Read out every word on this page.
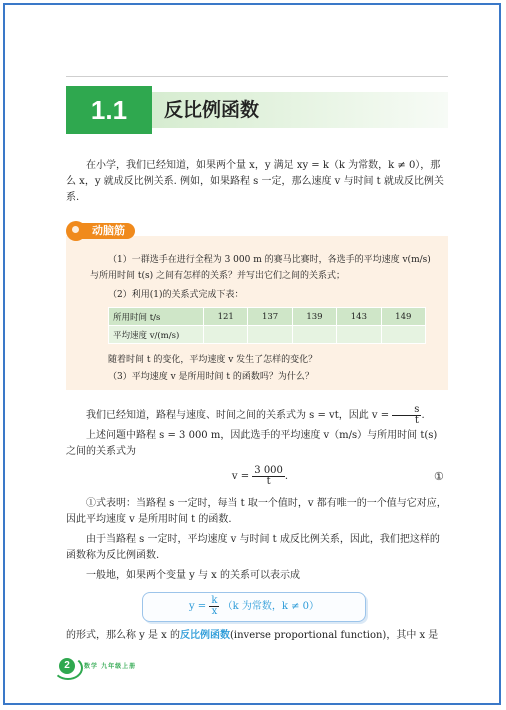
1.1	反比例函数

在小学，我们已经知道，如果两个量 x，y 满足 xy = k（k 为常数，k ≠ 0），那么 x，y 就成反比例关系. 例如，如果路程 s 一定，那么速度 v 与时间 t 就成反比例关系.

动脑筋

（1）一群选手在进行全程为 3 000 m 的赛马比赛时，各选手的平均速度 v(m/s) 与所用时间 t(s) 之间有怎样的关系？并写出它们之间的关系式；

（2）利用(1)的关系式完成下表：

所用时间 t/s	121	137	139	143	149
平均速度 v/(m/s)					

随着时间 t 的变化，平均速度 v 发生了怎样的变化？

（3）平均速度 v 是所用时间 t 的函数吗？为什么？

我们已经知道，路程与速度、时间之间的关系式为 s = vt，因此 $v = \frac{s}{t}$ .

上述问题中路程 s = 3 000 m，因此选手的平均速度 v（m/s）与所用时间 t(s) 之间的关系式为

$v = \frac{3 000}{t}$ .	①

①式表明：当路程 s 一定时，每当 t 取一个值时，v 都有唯一的一个值与它对应，因此平均速度 v 是所用时间 t 的函数.

由于当路程 s 一定时，平均速度 v 与时间 t 成反比例关系，因此，我们把这样的函数称为反比例函数.

一般地，如果两个变量 y 与 x 的关系可以表示成

$y = \frac{k}{x} (k$ 为常数，k ≠ 0）

的形式，那么称 y 是 x 的反比例函数(inverse proportional function)，其中 x 是

2	数学 九年级上册
